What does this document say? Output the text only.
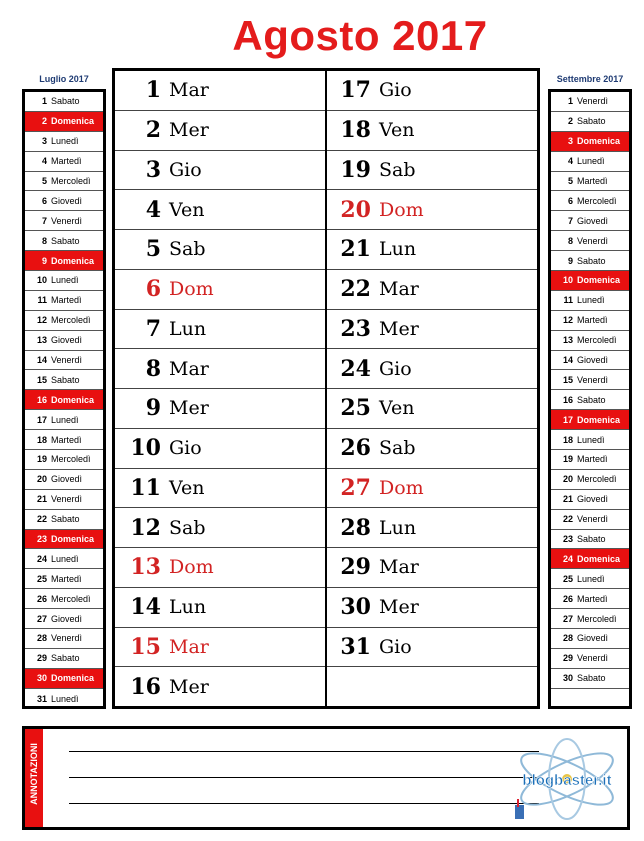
Agosto 2017
Luglio 2017
1 Sabato
2 Domenica
3 Lunedì
4 Martedì
5 Mercoledì
6 Giovedì
7 Venerdì
8 Sabato
9 Domenica
10 Lunedì
11 Martedì
12 Mercoledì
13 Giovedì
14 Venerdì
15 Sabato
16 Domenica
17 Lunedì
18 Martedì
19 Mercoledì
20 Giovedì
21 Venerdì
22 Sabato
23 Domenica
24 Lunedì
25 Martedì
26 Mercoledì
27 Giovedì
28 Venerdì
29 Sabato
30 Domenica
31 Lunedì
Settembre 2017
1 Venerdì
2 Sabato
3 Domenica
4 Lunedì
5 Martedì
6 Mercoledì
7 Giovedì
8 Venerdì
9 Sabato
10 Domenica
11 Lunedì
12 Martedì
13 Mercoledì
14 Giovedì
15 Venerdì
16 Sabato
17 Domenica
18 Lunedì
19 Martedì
20 Mercoledì
21 Giovedì
22 Venerdì
23 Sabato
24 Domenica
25 Lunedì
26 Martedì
27 Mercoledì
28 Giovedì
29 Venerdì
30 Sabato
1 Mar
2 Mer
3 Gio
4 Ven
5 Sab
6 Dom
7 Lun
8 Mar
9 Mer
10 Gio
11 Ven
12 Sab
13 Dom
14 Lun
15 Mar
16 Mer
17 Gio
18 Ven
19 Sab
20 Dom
21 Lun
22 Mar
23 Mer
24 Gio
25 Ven
26 Sab
27 Dom
28 Lun
29 Mar
30 Mer
31 Gio
ANNOTAZIONI	blogbaster.it
